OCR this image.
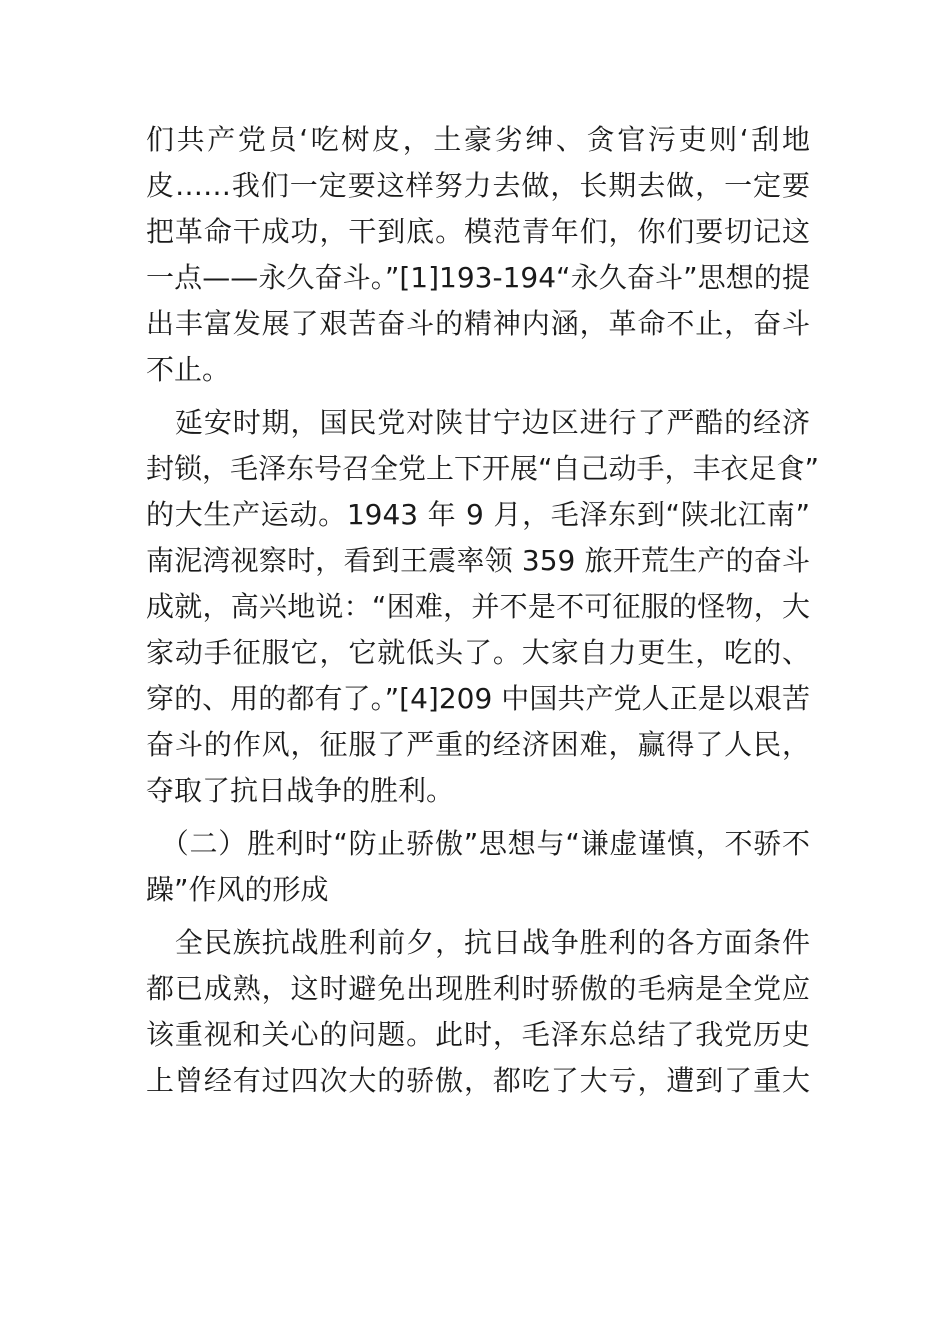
们共产党员‘吃树皮，土豪劣绅、贪官污吏则‘刮地
皮……我们一定要这样努力去做，长期去做，一定要
把革命干成功，干到底。模范青年们，你们要切记这
一点——永久奋斗。”[1]193-194“永久奋斗”思想的提
出丰富发展了艰苦奋斗的精神内涵，革命不止，奋斗
不止。
　延安时期，国民党对陕甘宁边区进行了严酷的经济
封锁，毛泽东号召全党上下开展“自己动手，丰衣足食”
的大生产运动。1943 年 9 月，毛泽东到“陕北江南”
南泥湾视察时，看到王震率领 359 旅开荒生产的奋斗
成就，高兴地说：“困难，并不是不可征服的怪物，大
家动手征服它，它就低头了。大家自力更生，吃的、
穿的、用的都有了。”[4]209 中国共产党人正是以艰苦
奋斗的作风，征服了严重的经济困难，赢得了人民，
夺取了抗日战争的胜利。
　（二）胜利时“防止骄傲”思想与“谦虚谨慎，不骄不
躁”作风的形成
　全民族抗战胜利前夕，抗日战争胜利的各方面条件
都已成熟，这时避免出现胜利时骄傲的毛病是全党应
该重视和关心的问题。此时，毛泽东总结了我党历史
上曾经有过四次大的骄傲，都吃了大亏，遭到了重大
